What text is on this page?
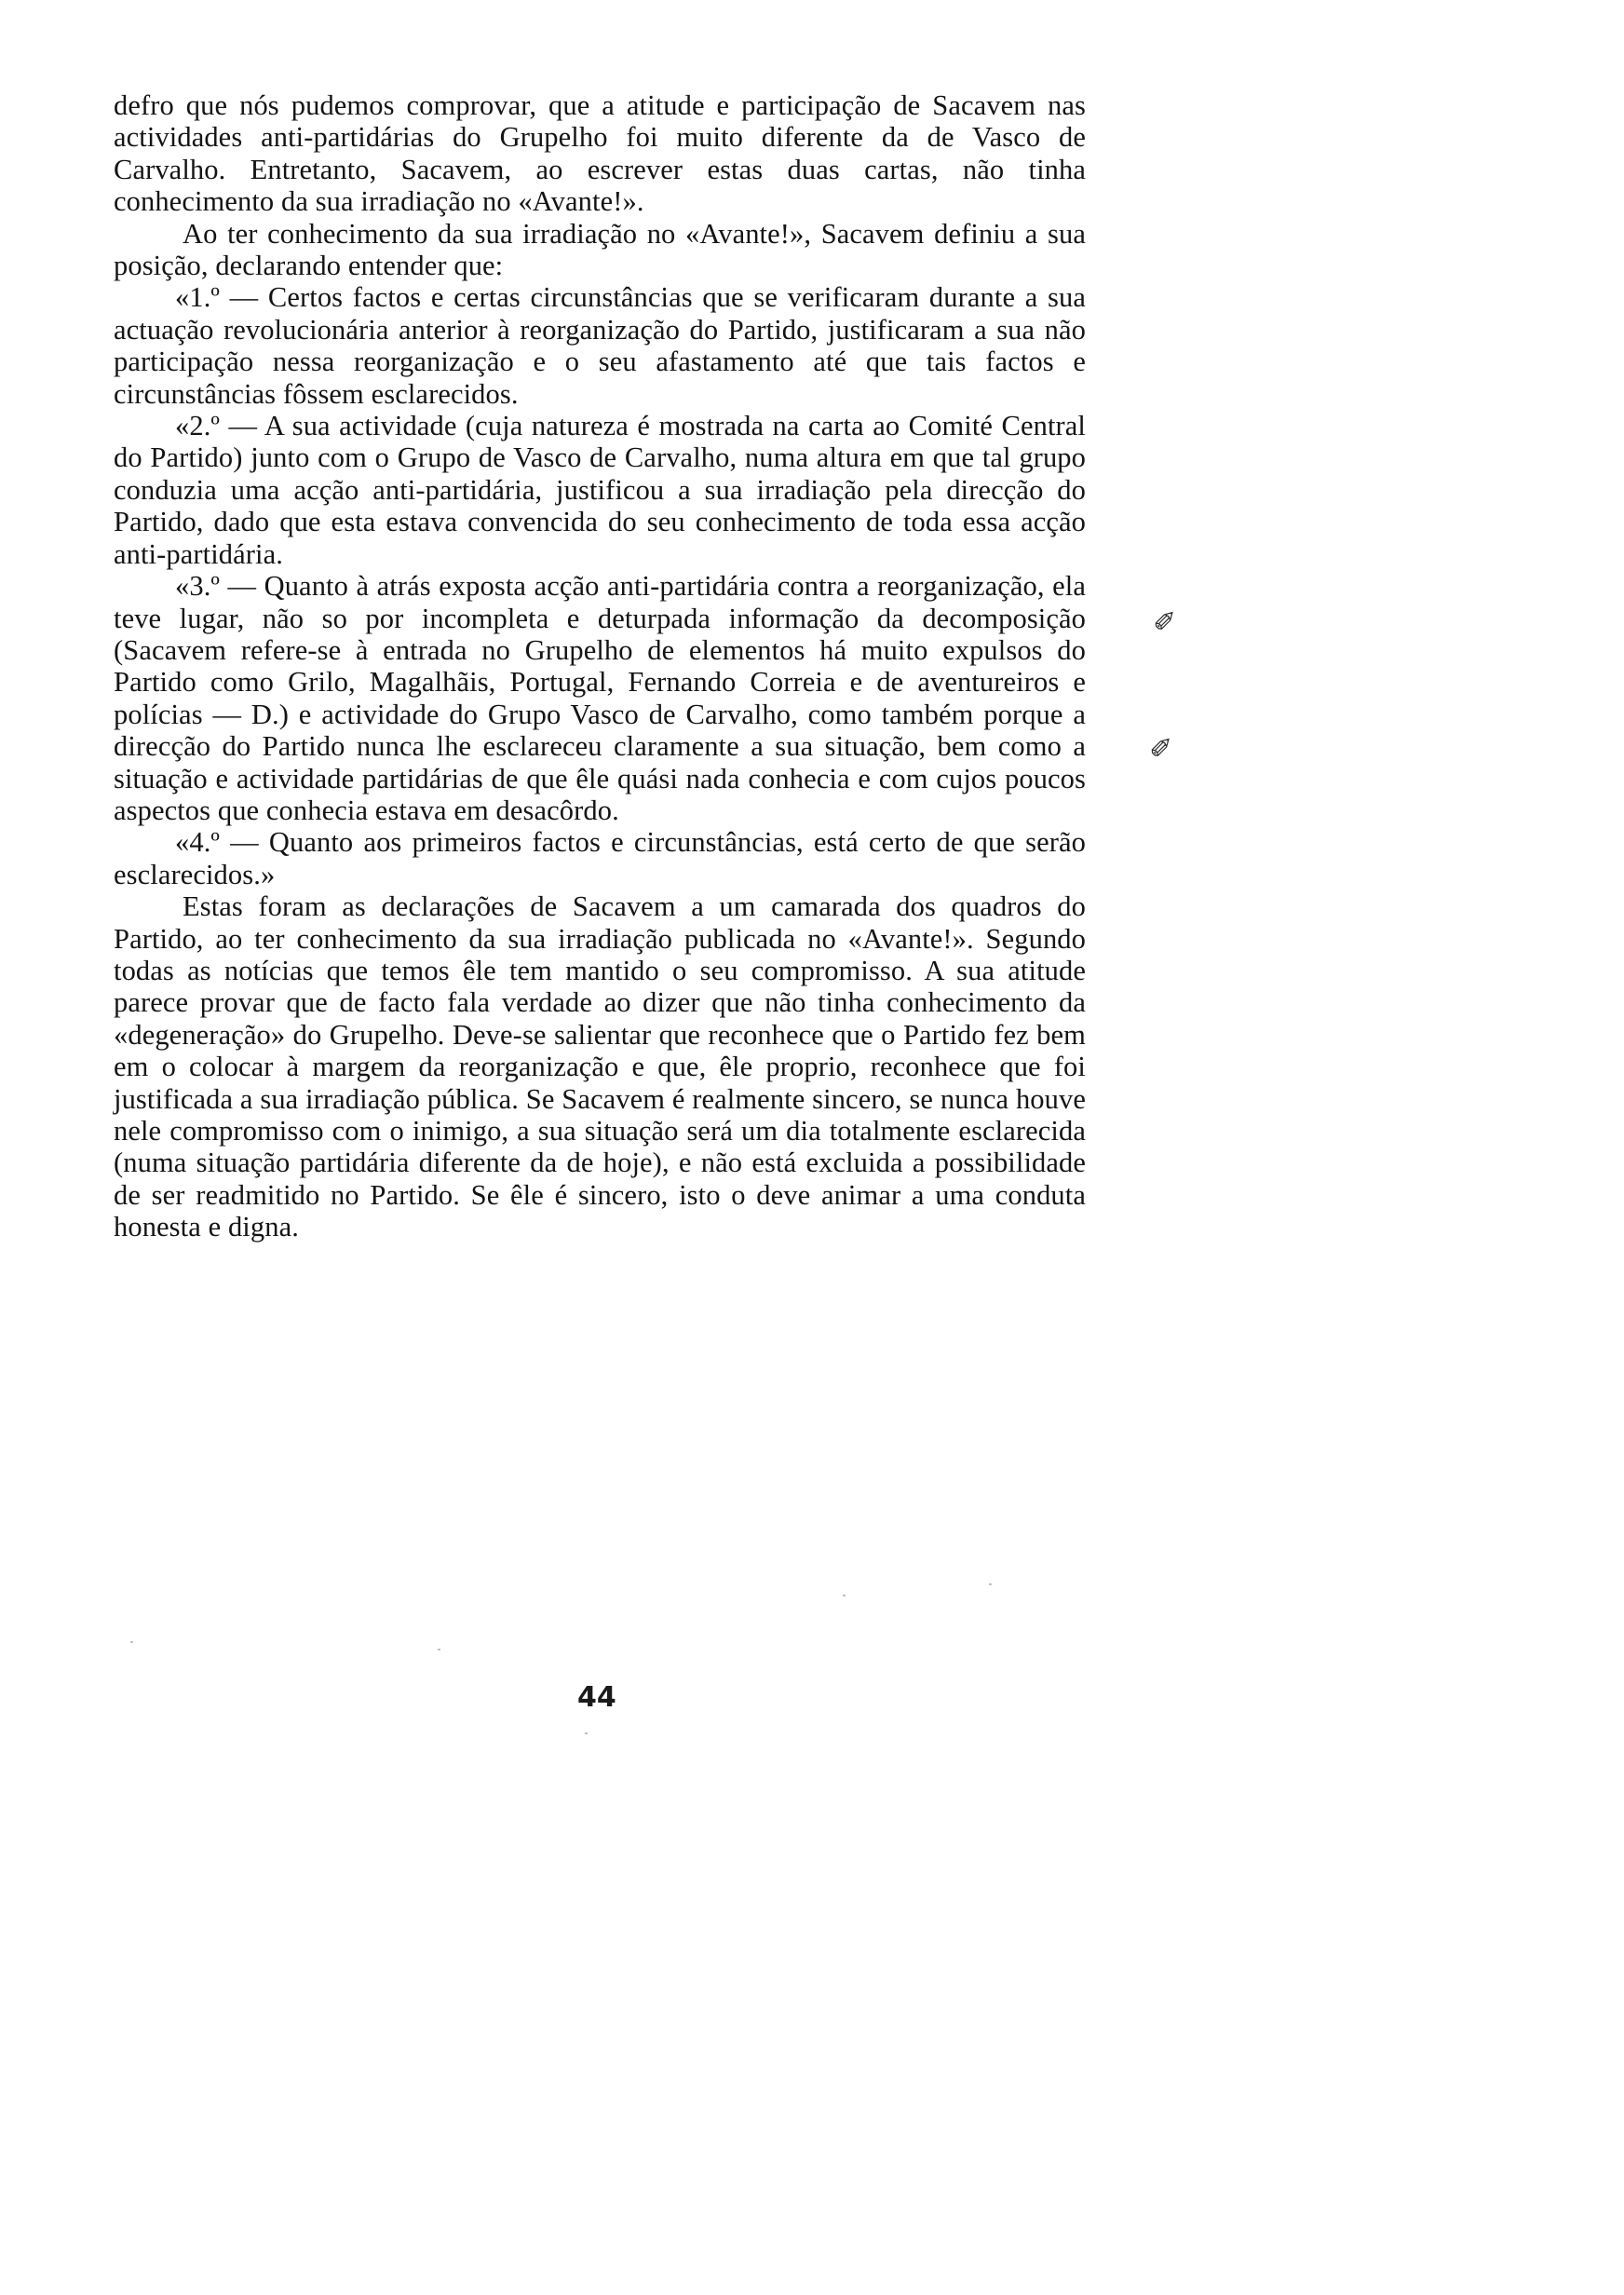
defro que nós pudemos comprovar, que a atitude e participação de Sacavem nas actividades anti-partidárias do Grupelho foi muito diferente da de Vasco de Carvalho. Entretanto, Sacavem, ao escrever estas duas cartas, não tinha conhecimento da sua irradiação no «Avante!».

Ao ter conhecimento da sua irradiação no «Avante!», Sacavem definiu a sua posição, declarando entender que:

«1.º — Certos factos e certas circunstâncias que se verificaram durante a sua actuação revolucionária anterior à reorganização do Partido, justificaram a sua não participação nessa reorganização e o seu afastamento até que tais factos e circunstâncias fôssem esclarecidos.

«2.º — A sua actividade (cuja natureza é mostrada na carta ao Comité Central do Partido) junto com o Grupo de Vasco de Carvalho, numa altura em que tal grupo conduzia uma acção anti-partidária, justificou a sua irradiação pela direcção do Partido, dado que esta estava convencida do seu conhecimento de toda essa acção anti-partidária.

«3.º — Quanto à atrás exposta acção anti-partidária contra a reorganização, ela teve lugar, não so por incompleta e deturpada informação da decomposição (Sacavem refere-se à entrada no Grupelho de elementos há muito expulsos do Partido como Grilo, Magalhãis, Portugal, Fernando Correia e de aventureiros e polícias — D.) e actividade do Grupo Vasco de Carvalho, como também porque a direcção do Partido nunca lhe esclareceu claramente a sua situação, bem como a situação e actividade partidárias de que êle quási nada conhecia e com cujos poucos aspectos que conhecia estava em desacôrdo.

«4.º — Quanto aos primeiros factos e circunstâncias, está certo de que serão esclarecidos.»

Estas foram as declarações de Sacavem a um camarada dos quadros do Partido, ao ter conhecimento da sua irradiação publicada no «Avante!». Segundo todas as notícias que temos êle tem mantido o seu compromisso. A sua atitude parece provar que de facto fala verdade ao dizer que não tinha conhecimento da «degeneração» do Grupelho. Deve-se salientar que reconhece que o Partido fez bem em o colocar à margem da reorganização e que, êle proprio, reconhece que foi justificada a sua irradiação pública. Se Sacavem é realmente sincero, se nunca houve nele compromisso com o inimigo, a sua situação será um dia totalmente esclarecida (numa situação partidária diferente da de hoje), e não está excluida a possibilidade de ser readmitido no Partido. Se êle é sincero, isto o deve animar a uma conduta honesta e digna.

✐
✐
44
